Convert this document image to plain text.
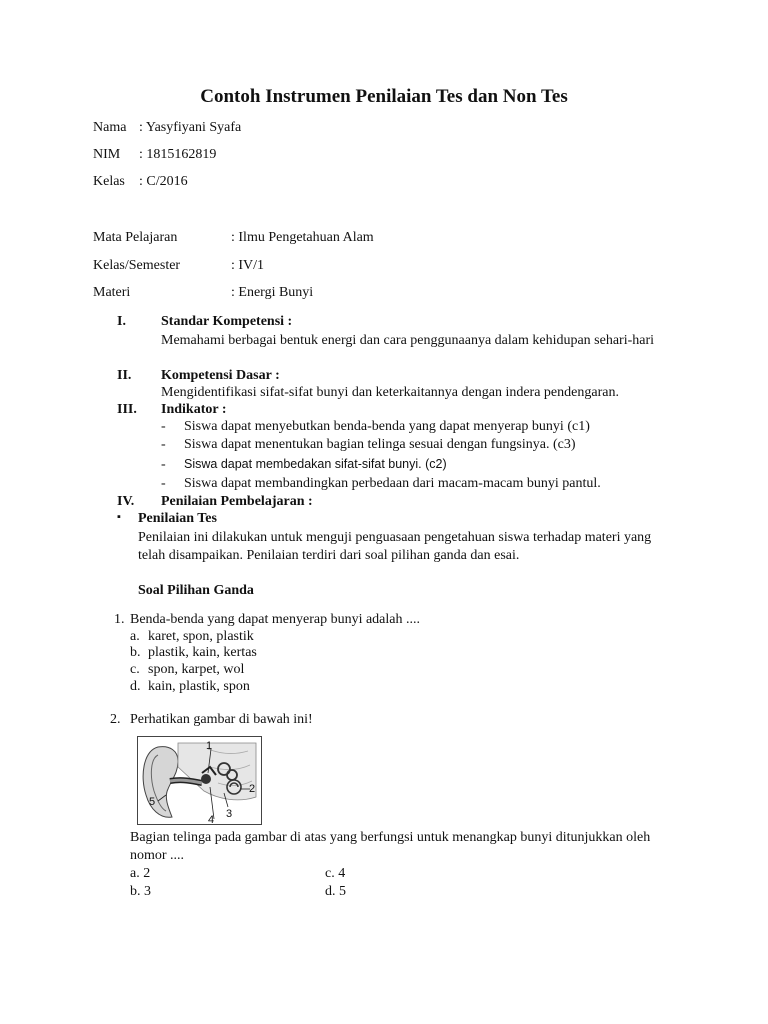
Contoh Instrumen Penilaian Tes dan Non Tes
Nama : Yasyfiyani Syafa
NIM : 1815162819
Kelas : C/2016
Mata Pelajaran	: Ilmu Pengetahuan Alam
Kelas/Semester	: IV/1
Materi	: Energi Bunyi
I.	Standar Kompetensi :
Memahami berbagai bentuk energi dan cara penggunaanya dalam kehidupan sehari-hari
II. Kompetensi Dasar :
Mengidentifikasi sifat-sifat bunyi dan keterkaitannya dengan indera pendengaran.
III. Indikator :
- Siswa dapat menyebutkan benda-benda yang dapat menyerap bunyi (c1)
- Siswa dapat menentukan bagian telinga sesuai dengan fungsinya. (c3)
- Siswa dapat membedakan sifat-sifat bunyi. (c2)
- Siswa dapat membandingkan perbedaan dari macam-macam bunyi pantul.
IV. Penilaian Pembelajaran :
▪ Penilaian Tes
Penilaian ini dilakukan untuk menguji penguasaan pengetahuan siswa terhadap materi yang telah disampaikan. Penilaian terdiri dari soal pilihan ganda dan esai.
Soal Pilihan Ganda
1. Benda-benda yang dapat menyerap bunyi adalah ....
a. karet, spon, plastik
b. plastik, kain, kertas
c. spon, karpet, wol
d. kain, plastik, spon
2. Perhatikan gambar di bawah ini!
1
2
3
4
5
Bagian telinga pada gambar di atas yang berfungsi untuk menangkap bunyi ditunjukkan oleh nomor ....
a. 2	c. 4
b. 3	d. 5
